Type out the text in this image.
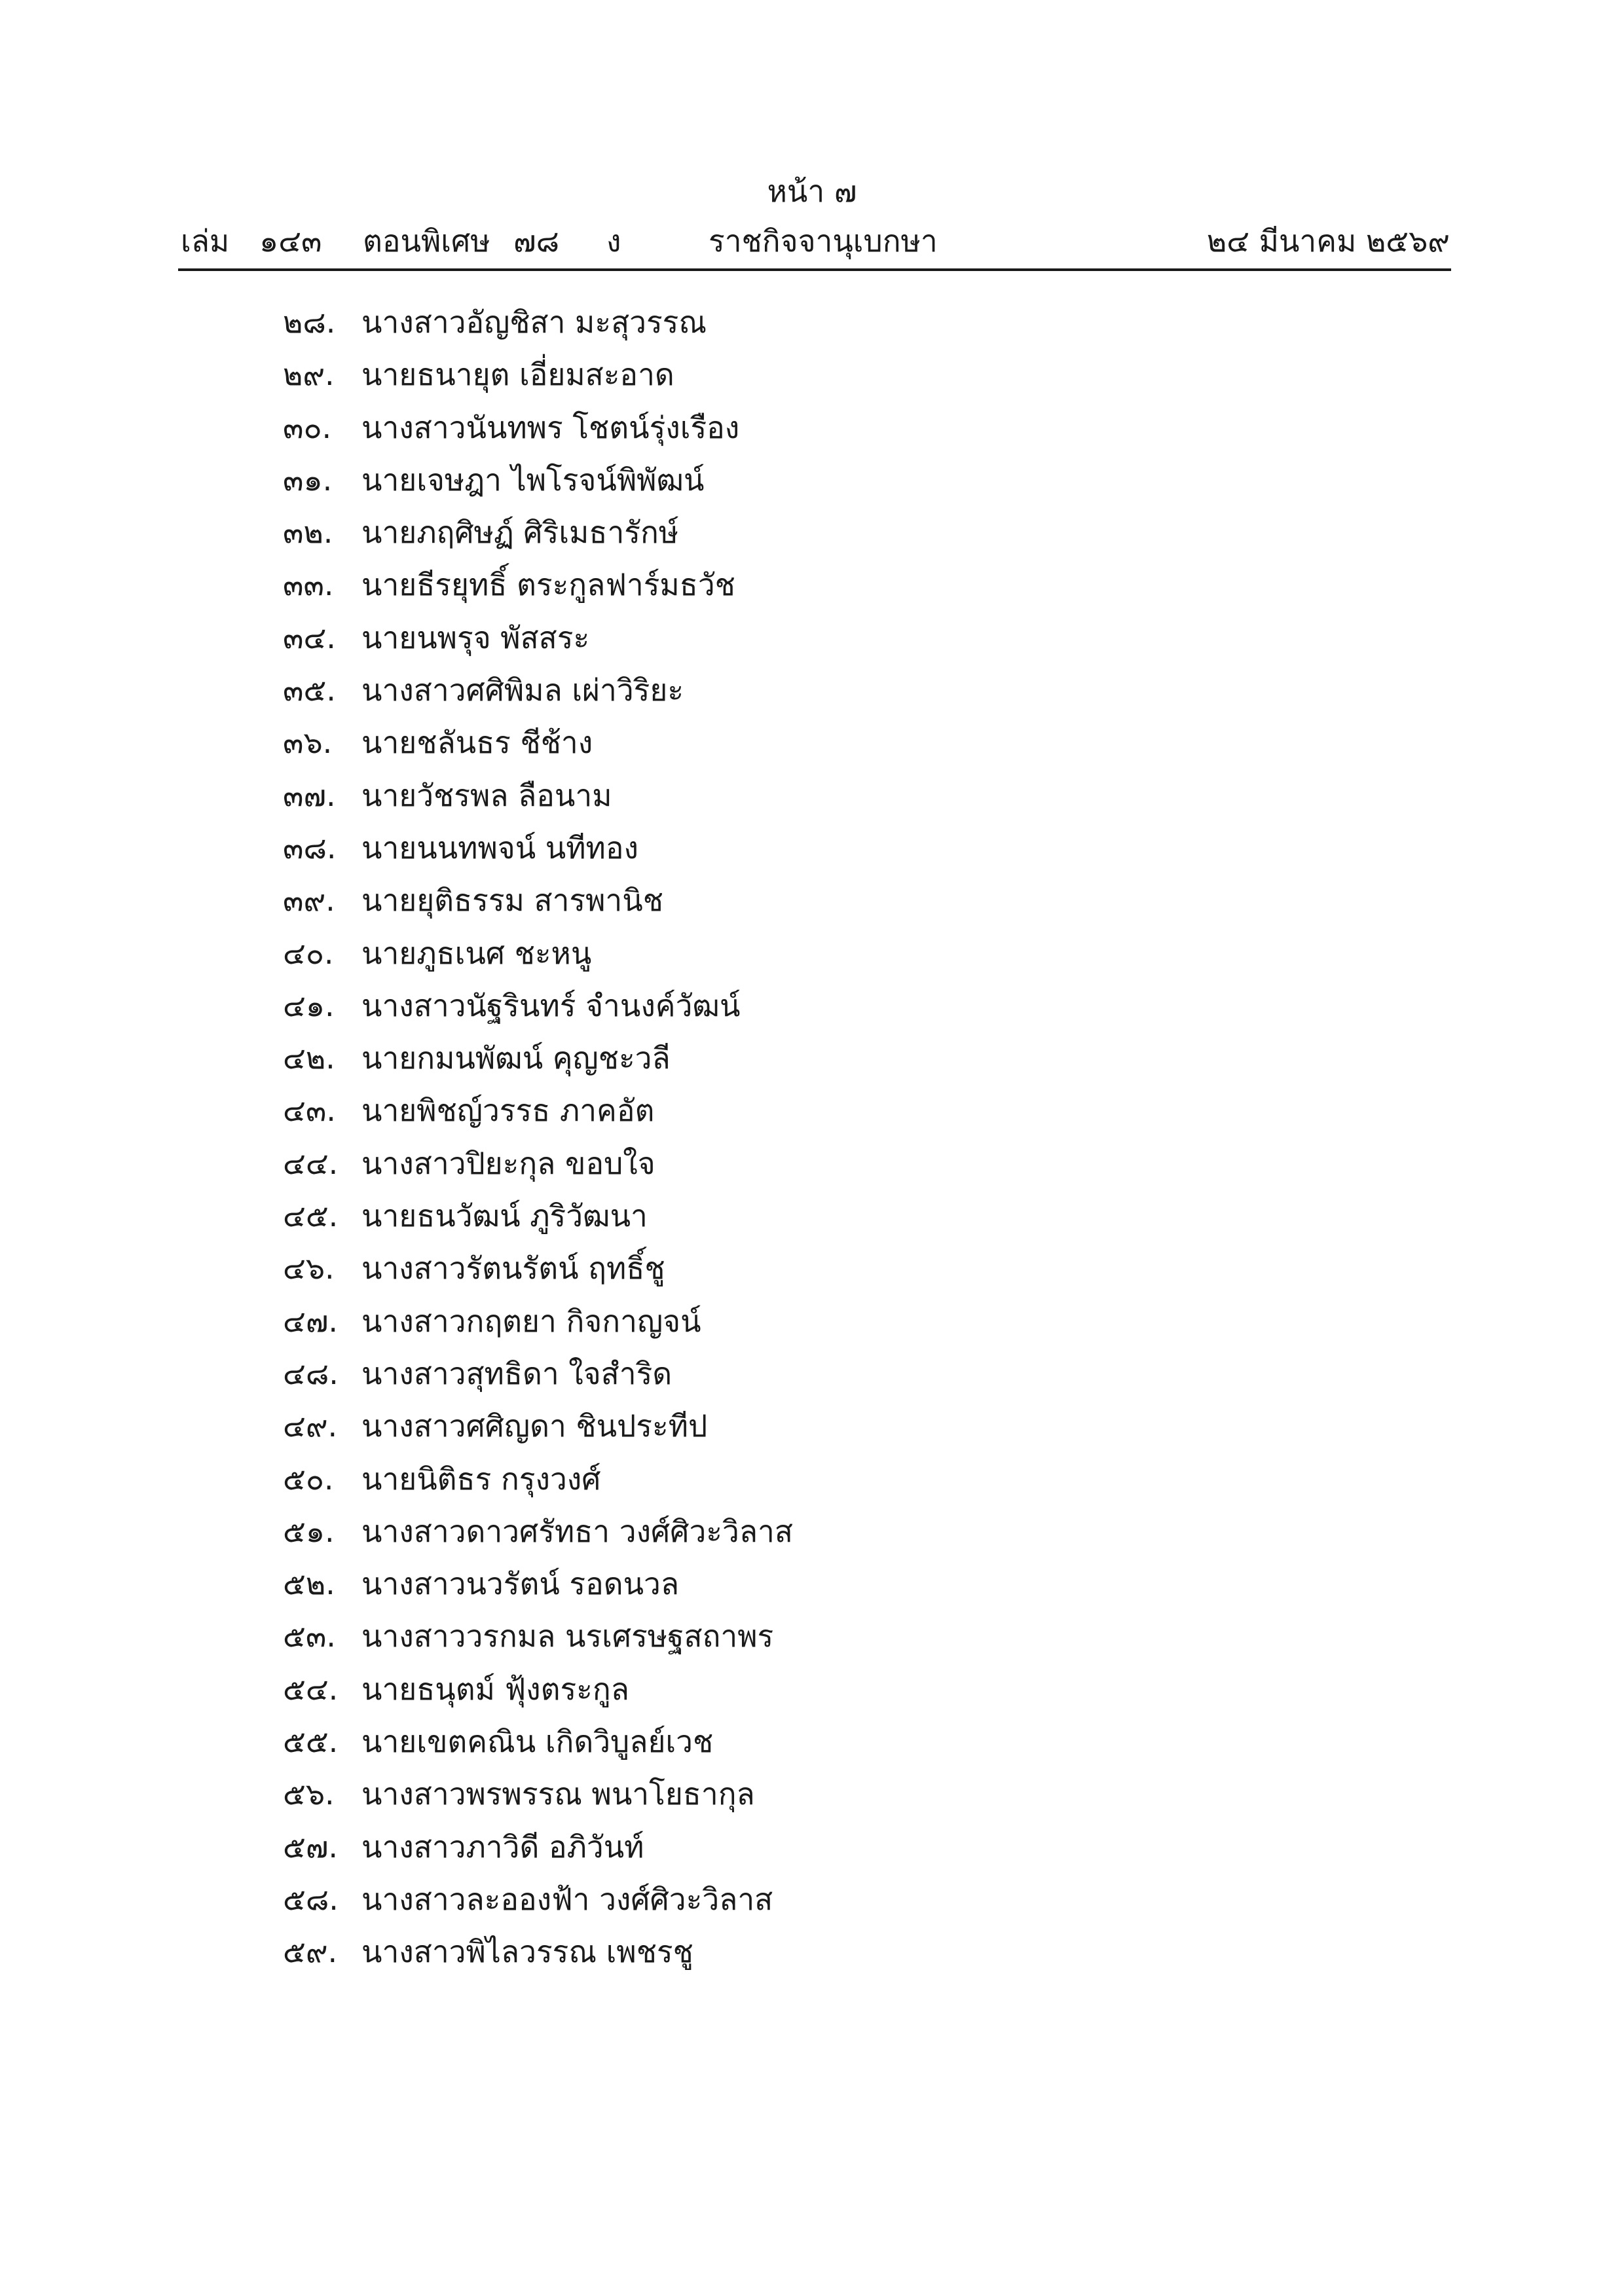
หน้า ๗
เล่ม ๑๔๓ ตอนพิเศษ ๗๘ ง	ราชกิจจานุเบกษา	๒๔ มีนาคม ๒๕๖๙
๒๘. นางสาวอัญชิสา มะสุวรรณ
๒๙. นายธนายุต เอี่ยมสะอาด
๓๐. นางสาวนันทพร โชตน์รุ่งเรือง
๓๑. นายเจษฎา ไพโรจน์พิพัฒน์
๓๒. นายภฤศิษฏ์ ศิริเมธารักษ์
๓๓. นายธีรยุทธิ์ ตระกูลฟาร์มธวัช
๓๔. นายนพรุจ พัสสระ
๓๕. นางสาวศศิพิมล เผ่าวิริยะ
๓๖. นายชลันธร ชีช้าง
๓๗. นายวัชรพล ลือนาม
๓๘. นายนนทพจน์ นทีทอง
๓๙. นายยุติธรรม สารพานิช
๔๐. นายภูธเนศ ชะหนู
๔๑. นางสาวนัฐรินทร์ จำนงค์วัฒน์
๔๒. นายกมนพัฒน์ คุญชะวลี
๔๓. นายพิชญ์วรรธ ภาคอัต
๔๔. นางสาวปิยะกุล ขอบใจ
๔๕. นายธนวัฒน์ ภูริวัฒนา
๔๖. นางสาวรัตนรัตน์ ฤทธิ์ชู
๔๗. นางสาวกฤตยา กิจกาญจน์
๔๘. นางสาวสุทธิดา ใจสำริด
๔๙. นางสาวศศิญดา ชินประทีป
๕๐. นายนิติธร กรุงวงศ์
๕๑. นางสาวดาวศรัทธา วงศ์ศิวะวิลาส
๕๒. นางสาวนวรัตน์ รอดนวล
๕๓. นางสาววรกมล นรเศรษฐสถาพร
๕๔. นายธนุตม์ ฟุ้งตระกูล
๕๕. นายเขตคณิน เกิดวิบูลย์เวช
๕๖. นางสาวพรพรรณ พนาโยธากุล
๕๗. นางสาวภาวิดี อภิวันท์
๕๘. นางสาวละอองฟ้า วงศ์ศิวะวิลาส
๕๙. นางสาวพิไลวรรณ เพชรชู
